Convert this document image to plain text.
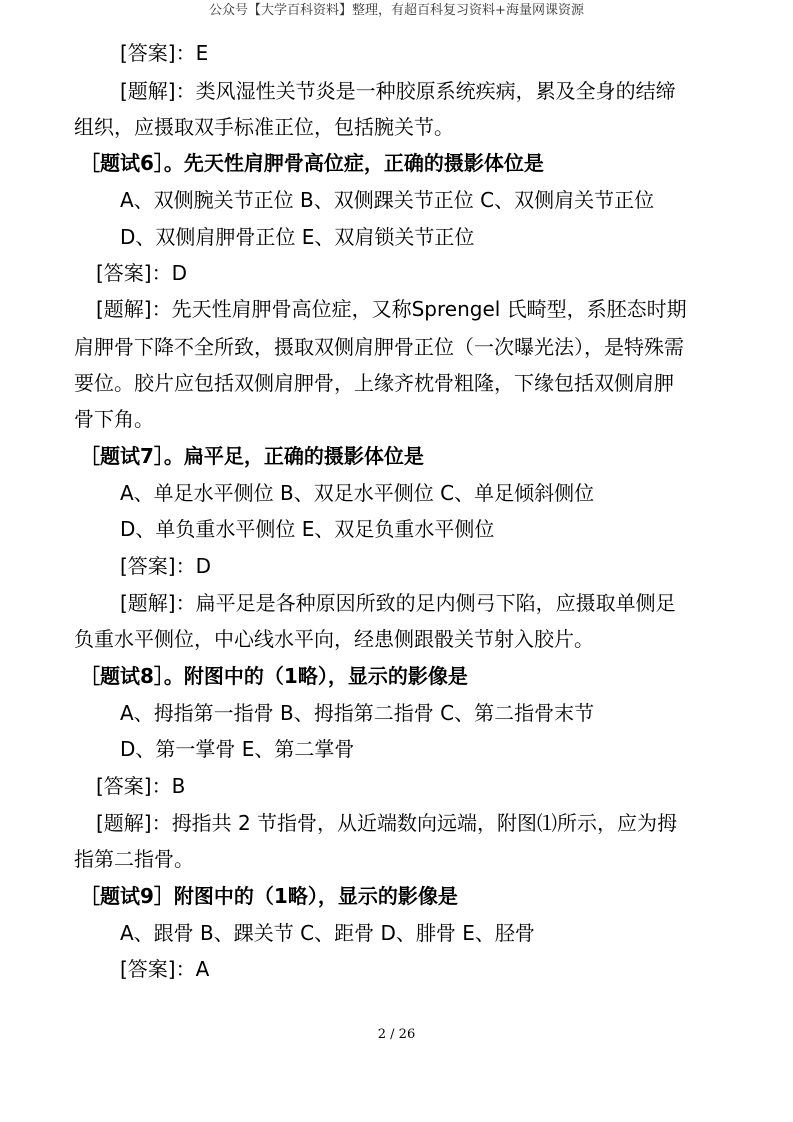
公众号【大学百科资料】整理，有超百科复习资料+海量网课资源
[答案]：E
[题解]：类风湿性关节炎是一种胶原系统疾病，累及全身的结缔
组织，应摄取双手标准正位，包括腕关节。
［题试6］。先天性肩胛骨高位症，正确的摄影体位是
A、双侧腕关节正位 B、双侧踝关节正位 C、双侧肩关节正位
D、双侧肩胛骨正位 E、双肩锁关节正位
[答案]：D
[题解]：先天性肩胛骨高位症，又称Sprengel 氏畸型，系胚态时期
肩胛骨下降不全所致，摄取双侧肩胛骨正位（一次曝光法），是特殊需
要位。胶片应包括双侧肩胛骨，上缘齐枕骨粗隆，下缘包括双侧肩胛
骨下角。
［题试7］。扁平足，正确的摄影体位是
A、单足水平侧位 B、双足水平侧位 C、单足倾斜侧位
D、单负重水平侧位 E、双足负重水平侧位
[答案]：D
[题解]：扁平足是各种原因所致的足内侧弓下陷，应摄取单侧足
负重水平侧位，中心线水平向，经患侧跟骰关节射入胶片。
［题试8］。附图中的（1略），显示的影像是
A、拇指第一指骨 B、拇指第二指骨 C、第二指骨末节
D、第一掌骨 E、第二掌骨
[答案]：B
[题解]：拇指共 2 节指骨，从近端数向远端，附图⑴所示，应为拇
指第二指骨。
［题试9］附图中的（1略），显示的影像是
A、跟骨 B、踝关节 C、距骨 D、腓骨 E、胫骨
[答案]：A
2 / 26
